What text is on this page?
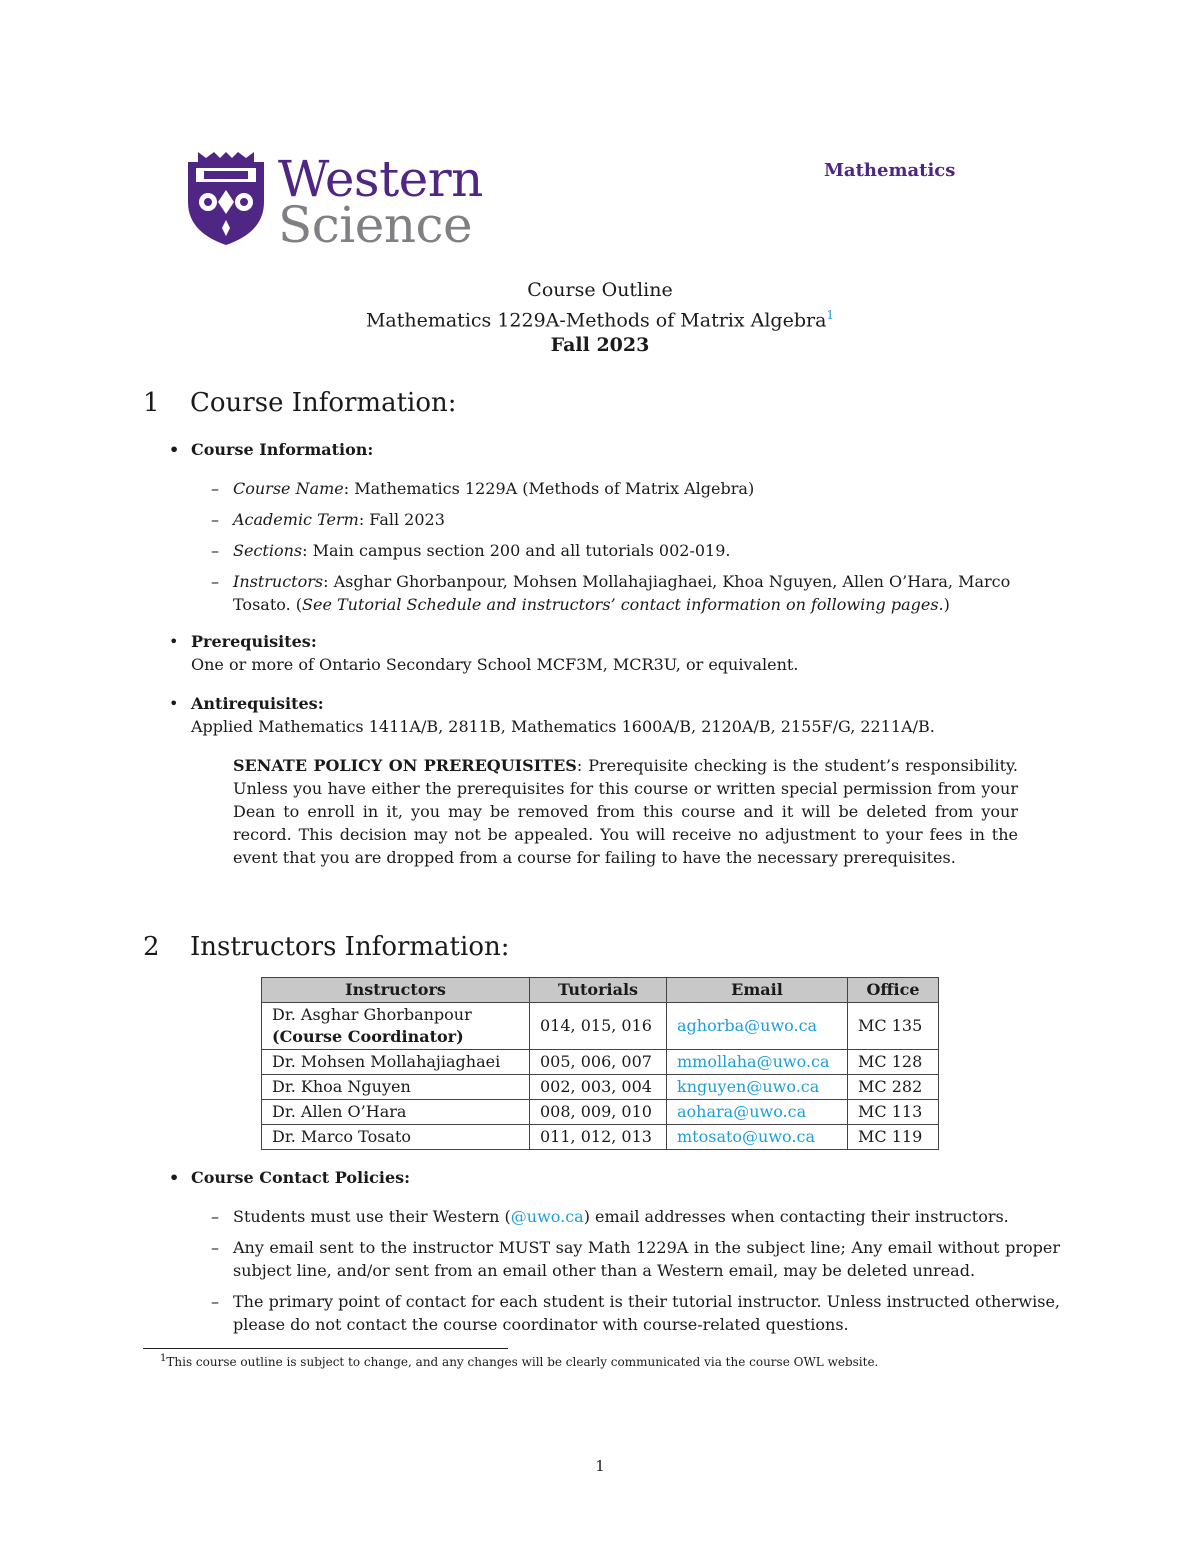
Western
Science
Mathematics
Course Outline
Mathematics 1229A-Methods of Matrix Algebra$^1$
Fall 2023
1 Course Information:
• Course Information:
– Course Name: Mathematics 1229A (Methods of Matrix Algebra)
– Academic Term: Fall 2023
– Sections: Main campus section 200 and all tutorials 002-019.
– Instructors: Asghar Ghorbanpour, Mohsen Mollahajiaghaei, Khoa Nguyen, Allen O’Hara, Marco Tosato. (See Tutorial Schedule and instructors’ contact information on following pages.)
• Prerequisites:
One or more of Ontario Secondary School MCF3M, MCR3U, or equivalent.
• Antirequisites:
Applied Mathematics 1411A/B, 2811B, Mathematics 1600A/B, 2120A/B, 2155F/G, 2211A/B.
SENATE POLICY ON PREREQUISITES: Prerequisite checking is the student’s responsibility. Unless you have either the prerequisites for this course or written special permission from your Dean to enroll in it, you may be removed from this course and it will be deleted from your record. This decision may not be appealed. You will receive no adjustment to your fees in the event that you are dropped from a course for failing to have the necessary prerequisites.
2 Instructors Information:
Instructors	Tutorials	Email	Office

Dr. Asghar Ghorbanpour
(Course Coordinator)	014, 015, 016	aghorba@uwo.ca	MC 135
Dr. Mohsen Mollahajiaghaei	005, 006, 007	mmollaha@uwo.ca	MC 128
Dr. Khoa Nguyen	002, 003, 004	knguyen@uwo.ca	MC 282
Dr. Allen O’Hara	008, 009, 010	aohara@uwo.ca	MC 113
Dr. Marco Tosato	011, 012, 013	mtosato@uwo.ca	MC 119
• Course Contact Policies:
– Students must use their Western (@uwo.ca) email addresses when contacting their instructors.
– Any email sent to the instructor MUST say Math 1229A in the subject line; Any email without proper subject line, and/or sent from an email other than a Western email, may be deleted unread.
– The primary point of contact for each student is their tutorial instructor. Unless instructed otherwise, please do not contact the course coordinator with course-related questions.
$^1$This course outline is subject to change, and any changes will be clearly communicated via the course OWL website.
1
